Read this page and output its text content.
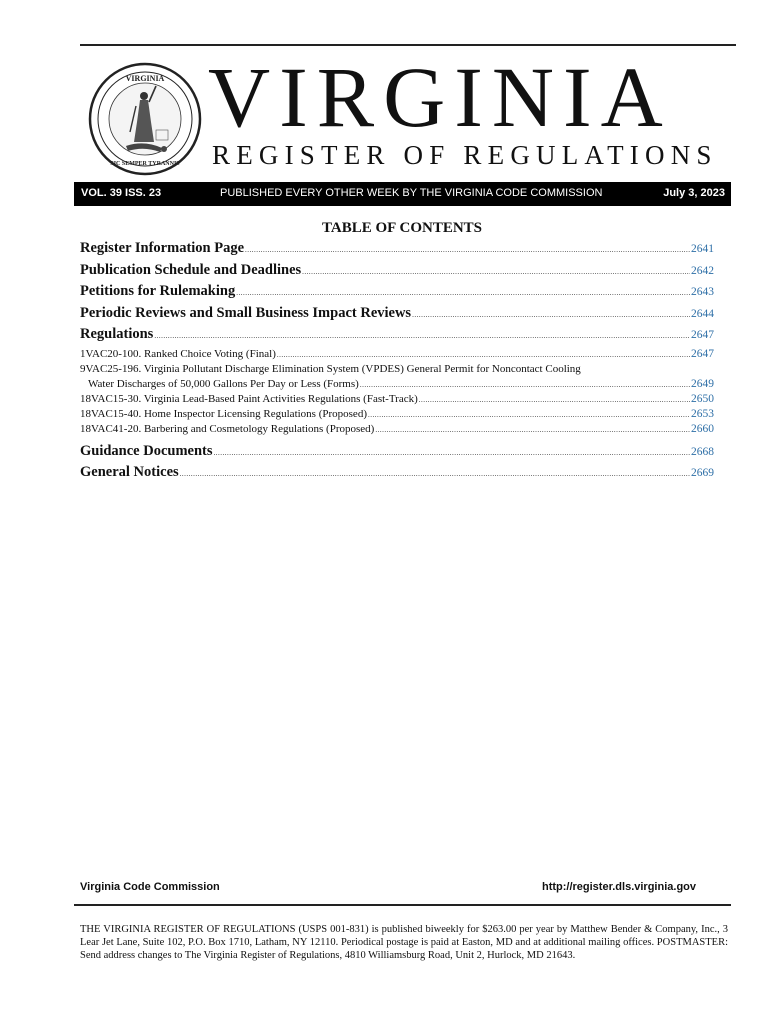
VIRGINIA
SIC SEMPER TYRANNIS
VIRGINIA
REGISTER OF REGULATIONS
VOL. 39 ISS. 23	PUBLISHED EVERY OTHER WEEK BY THE VIRGINIA CODE COMMISSION	July 3, 2023
TABLE OF CONTENTS
Register Information Page .....	2641
Publication Schedule and Deadlines .....	2642
Petitions for Rulemaking .....	2643
Periodic Reviews and Small Business Impact Reviews .....	2644
Regulations .....	2647
1VAC20-100. Ranked Choice Voting (Final) .....	2647
9VAC25-196. Virginia Pollutant Discharge Elimination System (VPDES) General Permit for Noncontact Cooling
Water Discharges of 50,000 Gallons Per Day or Less (Forms) .....	2649
18VAC15-30. Virginia Lead-Based Paint Activities Regulations (Fast-Track) .....	2650
18VAC15-40. Home Inspector Licensing Regulations (Proposed) .....	2653
18VAC41-20. Barbering and Cosmetology Regulations (Proposed) .....	2660
Guidance Documents .....	2668
General Notices .....	2669
Virginia Code Commission	http://register.dls.virginia.gov
THE VIRGINIA REGISTER OF REGULATIONS (USPS 001-831) is published biweekly for $263.00 per year by Matthew Bender & Company, Inc., 3 Lear Jet Lane, Suite 102, P.O. Box 1710, Latham, NY 12110. Periodical postage is paid at Easton, MD and at additional mailing offices. POSTMASTER: Send address changes to The Virginia Register of Regulations, 4810 Williamsburg Road, Unit 2, Hurlock, MD 21643.
